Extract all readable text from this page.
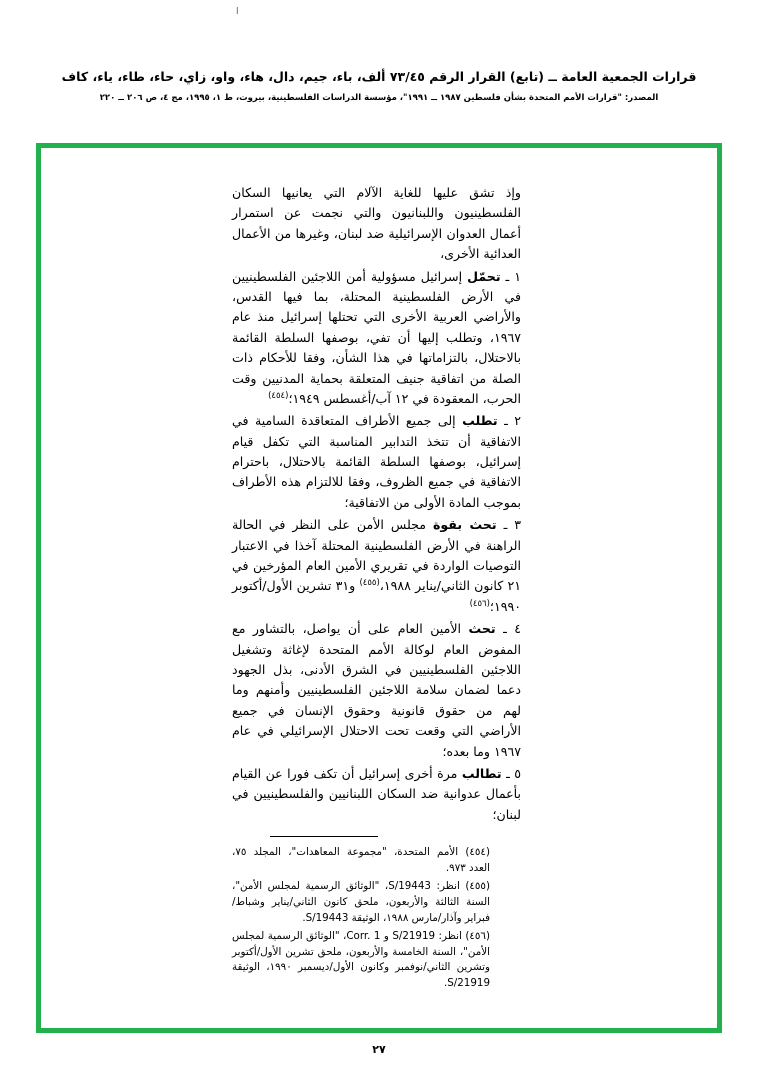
ا
قرارات الجمعية العامة ــ (تابع) القرار الرقم ٧٣/٤٥ ألف، باء، جيم، دال، هاء، واو، زاي، حاء، طاء، ياء، كاف
المصدر: "قرارات الأمم المتحدة بشأن فلسطين ١٩٨٧ ــ ١٩٩١"، مؤسسة الدراسات الفلسطينية، بيروت، ط ١، ١٩٩٥، مج ٤، ص ٢٠٦ ــ ٢٢٠

وإذ تشق عليها للغاية الآلام التي يعانيها السكان الفلسطينيون واللبنانيون والتي نجمت عن استمرار أعمال العدوان الإسرائيلية ضد لبنان، وغيرها من الأعمال العدائية الأخرى،

١ ـ تحمّل إسرائيل مسؤولية أمن اللاجئين الفلسطينيين في الأرض الفلسطينية المحتلة، بما فيها القدس، والأراضي العربية الأخرى التي تحتلها إسرائيل منذ عام ١٩٦٧، وتطلب إليها أن تفي، بوصفها السلطة القائمة بالاحتلال، بالتزاماتها في هذا الشأن، وفقا للأحكام ذات الصلة من اتفاقية جنيف المتعلقة بحماية المدنيين وقت الحرب، المعقودة في ١٢ آب/أغسطس ١٩٤٩؛$^{(٤٥٤)}$

٢ ـ تطلب إلى جميع الأطراف المتعاقدة السامية في الاتفاقية أن تتخذ التدابير المناسبة التي تكفل قيام إسرائيل، بوصفها السلطة القائمة بالاحتلال، باحترام الاتفاقية في جميع الظروف، وفقا للالتزام هذه الأطراف بموجب المادة الأولى من الاتفاقية؛

٣ ـ تحث بقوة مجلس الأمن على النظر في الحالة الراهنة في الأرض الفلسطينية المحتلة آخذا في الاعتبار التوصيات الواردة في تقريري الأمين العام المؤرخين في ٢١ كانون الثاني/يناير ١٩٨٨،$^{(٤٥٥)}$ و٣١ تشرين الأول/أكتوبر ١٩٩٠؛$^{(٤٥٦)}$

٤ ـ تحث الأمين العام على أن يواصل، بالتشاور مع المفوض العام لوكالة الأمم المتحدة لإغاثة وتشغيل اللاجئين الفلسطينيين في الشرق الأدنى، بذل الجهود دعما لضمان سلامة اللاجئين الفلسطينيين وأمنهم وما لهم من حقوق قانونية وحقوق الإنسان في جميع الأراضي التي وقعت تحت الاحتلال الإسرائيلي في عام ١٩٦٧ وما بعده؛

٥ ـ تطالب مرة أخرى إسرائيل أن تكف فورا عن القيام بأعمال عدوانية ضد السكان اللبنانيين والفلسطينيين في لبنان؛

(٤٥٤) الأمم المتحدة، "مجموعة المعاهدات"، المجلد ٧٥، العدد ٩٧٣.
(٤٥٥) انظر: S/19443، "الوثائق الرسمية لمجلس الأمن"، السنة الثالثة والأربعون، ملحق كانون الثاني/يناير وشباط/فبراير وآذار/مارس ١٩٨٨، الوثيقة S/19443.
(٤٥٦) انظر: S/21919 و Corr. 1، "الوثائق الرسمية لمجلس الأمن"، السنة الخامسة والأربعون، ملحق تشرين الأول/أكتوبر وتشرين الثاني/نوفمبر وكانون الأول/ديسمبر ١٩٩٠، الوثيقة S/21919.
٢٧
